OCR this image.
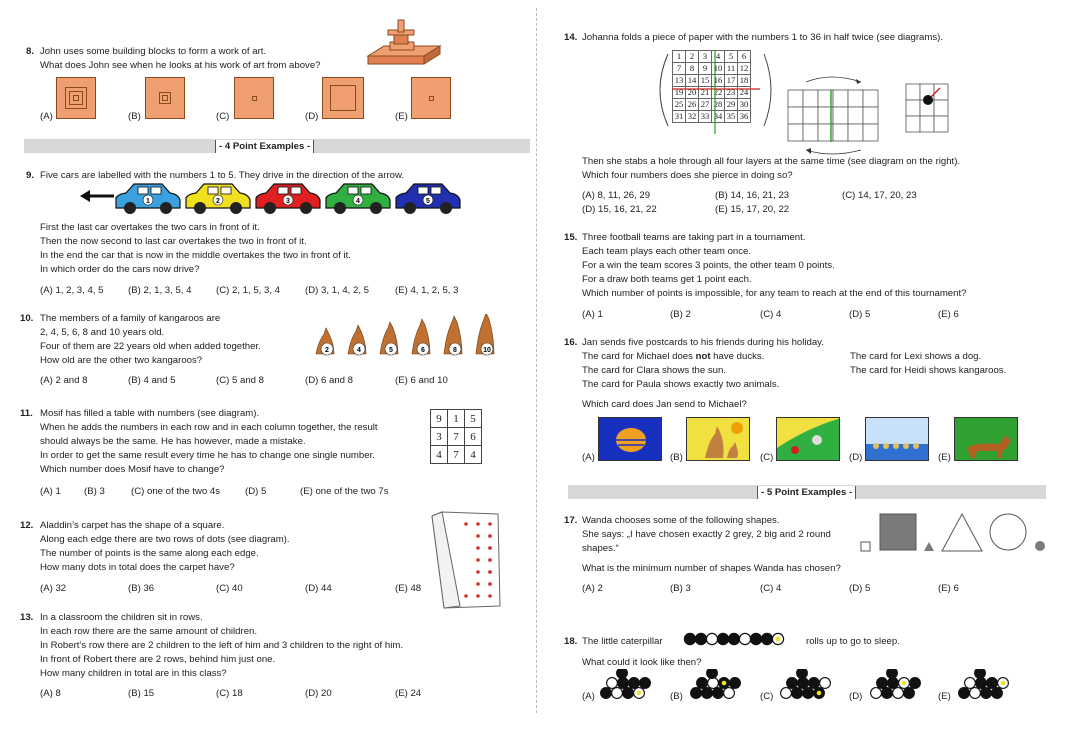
8. John uses some building blocks to form a work of art.
What does John see when he looks at his work of art from above?
(A)	(B)	(C)	(D)	(E)
- 4 Point Examples -
9. Five cars are labelled with the numbers 1 to 5. They drive in the direction of the arrow.
1	2	3	4	5
First the last car overtakes the two cars in front of it.
Then the now second to last car overtakes the two in front of it.
In the end the car that is now in the middle overtakes the two in front of it.
In which order do the cars now drive?
(A) 1, 2, 3, 4, 5	(B) 2, 1, 3, 5, 4	(C) 2, 1, 5, 3, 4	(D) 3, 1, 4, 2, 5	(E) 4, 1, 2, 5, 3
10. The members of a family of kangaroos are
2, 4, 5, 6, 8 and 10 years old.
Four of them are 22 years old when added together.
How old are the other two kangaroos?
2	4	5	6	8	10
(A) 2 and 8	(B) 4 and 5	(C) 5 and 8	(D) 6 and 8	(E) 6 and 10
11. Mosif has filled a table with numbers (see diagram).
When he adds the numbers in each row and in each column together, the result
should always be the same. He has however, made a mistake.
In order to get the same result every time he has to change one single number.
Which number does Mosif have to change?
9	1	5
3	7	6
4	7	4
(A) 1 (B) 3	(C) one of the two 4s	(D) 5	(E) one of the two 7s
12. Aladdin’s carpet has the shape of a square.
Along each edge there are two rows of dots (see diagram).
The number of points is the same along each edge.
How many dots in total does the carpet have?
(A) 32	(B) 36	(C) 40	(D) 44	(E) 48
13. In a classroom the children sit in rows.
In each row there are the same amount of children.
In Robert’s row there are 2 children to the left of him and 3 children to the right of him.
In front of Robert there are 2 rows, behind him just one.
How many children in total are in this class?
(A) 8	(B) 15	(C) 18	(D) 20	(E) 24
14. Johanna folds a piece of paper with the numbers 1 to 36 in half twice (see diagrams).
1	2	3	4	5	6
7	8	9	10	11	12
13	14	15	16	17	18
19	20	21	22	23	24
25	26	27	28	29	30
31	32	33	34	35	36
Then she stabs a hole through all four layers at the same time (see diagram on the right).
Which four numbers does she pierce in doing so?
(A) 8, 11, 26, 29	(B) 14, 16, 21, 23	(C) 14, 17, 20, 23
(D) 15, 16, 21, 22	(E) 15, 17, 20, 22
15. Three football teams are taking part in a tournament.
Each team plays each other team once.
For a win the team scores 3 points, the other team 0 points.
For a draw both teams get 1 point each.
Which number of points is impossible, for any team to reach at the end of this tournament?
(A) 1	(B) 2	(C) 4	(D) 5	(E) 6
16. Jan sends five postcards to his friends during his holiday.
The card for Michael does not have ducks.	The card for Lexi shows a dog.
The card for Clara shows the sun.	The card for Heidi shows kangaroos.
The card for Paula shows exactly two animals.
Which card does Jan send to Michael?
(A)	(B)	(C)	(D)	(E)
- 5 Point Examples -
17. Wanda chooses some of the following shapes.
She says: „I have chosen exactly 2 grey, 2 big and 2 round
shapes.“
What is the minimum number of shapes Wanda has chosen?
(A) 2	(B) 3	(C) 4	(D) 5	(E) 6
18. The little caterpillar	rolls up to go to sleep.
What could it look like then?
(A)	(B)	(C)	(D)	(E)
